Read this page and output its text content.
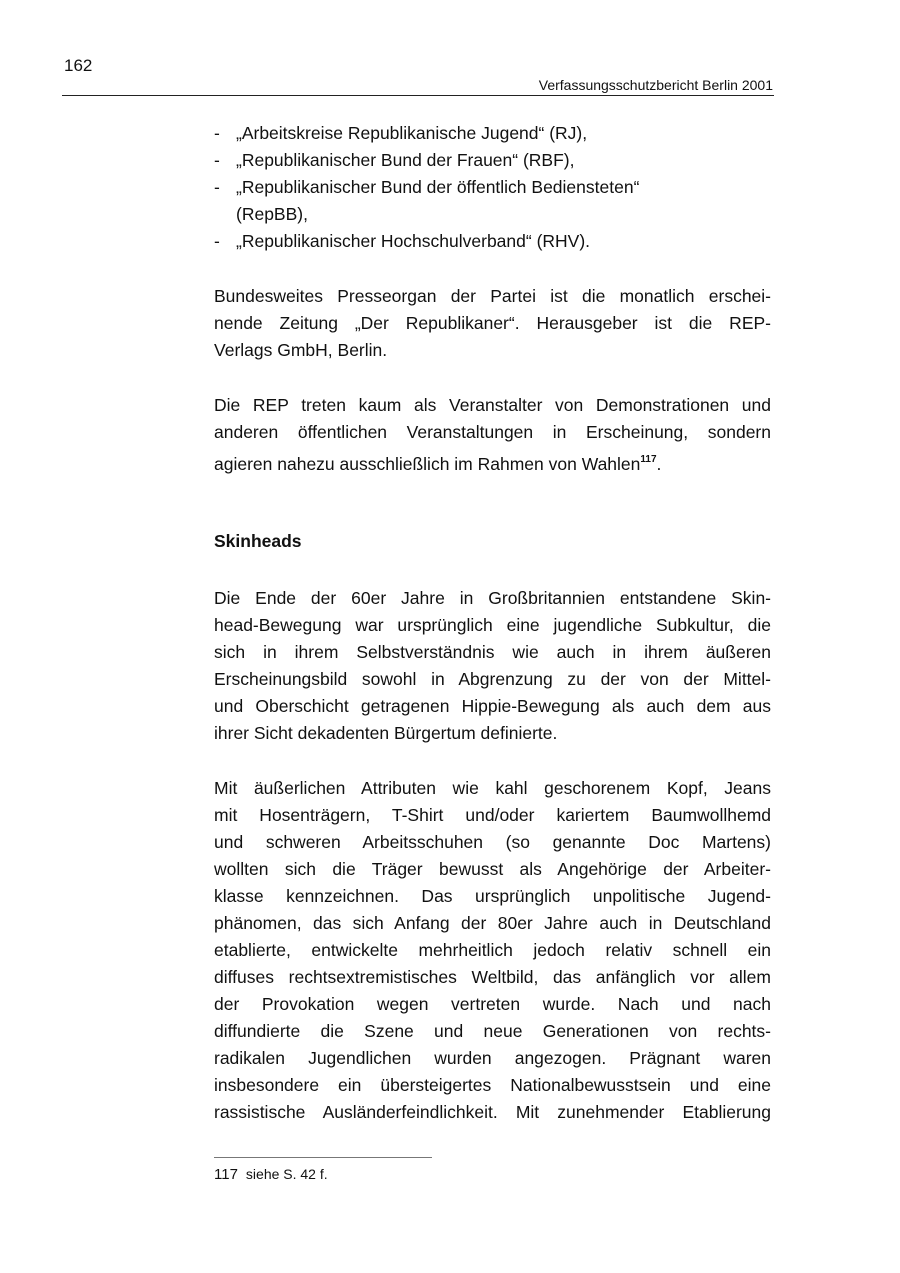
162
Verfassungsschutzbericht Berlin 2001
- „Arbeitskreise Republikanische Jugend“ (RJ),
- „Republikanischer Bund der Frauen“ (RBF),
- „Republikanischer Bund der öffentlich Bediensteten“
(RepBB),
- „Republikanischer Hochschulverband“ (RHV).
Bundesweites Presseorgan der Partei ist die monatlich erschei-
nende Zeitung „Der Republikaner“. Herausgeber ist die REP-
Verlags GmbH, Berlin.
Die REP treten kaum als Veranstalter von Demonstrationen und
anderen öffentlichen Veranstaltungen in Erscheinung, sondern
agieren nahezu ausschließlich im Rahmen von Wahlen$^{117}$.
Skinheads
Die Ende der 60er Jahre in Großbritannien entstandene Skin-
head-Bewegung war ursprünglich eine jugendliche Subkultur, die
sich in ihrem Selbstverständnis wie auch in ihrem äußeren
Erscheinungsbild sowohl in Abgrenzung zu der von der Mittel-
und Oberschicht getragenen Hippie-Bewegung als auch dem aus
ihrer Sicht dekadenten Bürgertum definierte.
Mit äußerlichen Attributen wie kahl geschorenem Kopf, Jeans
mit Hosenträgern, T-Shirt und/oder kariertem Baumwollhemd
und schweren Arbeitsschuhen (so genannte Doc Martens)
wollten sich die Träger bewusst als Angehörige der Arbeiter-
klasse kennzeichnen. Das ursprünglich unpolitische Jugend-
phänomen, das sich Anfang der 80er Jahre auch in Deutschland
etablierte, entwickelte mehrheitlich jedoch relativ schnell ein
diffuses rechtsextremistisches Weltbild, das anfänglich vor allem
der Provokation wegen vertreten wurde. Nach und nach
diffundierte die Szene und neue Generationen von rechts-
radikalen Jugendlichen wurden angezogen. Prägnant waren
insbesondere ein übersteigertes Nationalbewusstsein und eine
rassistische Ausländerfeindlichkeit. Mit zunehmender Etablierung
117 siehe S. 42 f.
